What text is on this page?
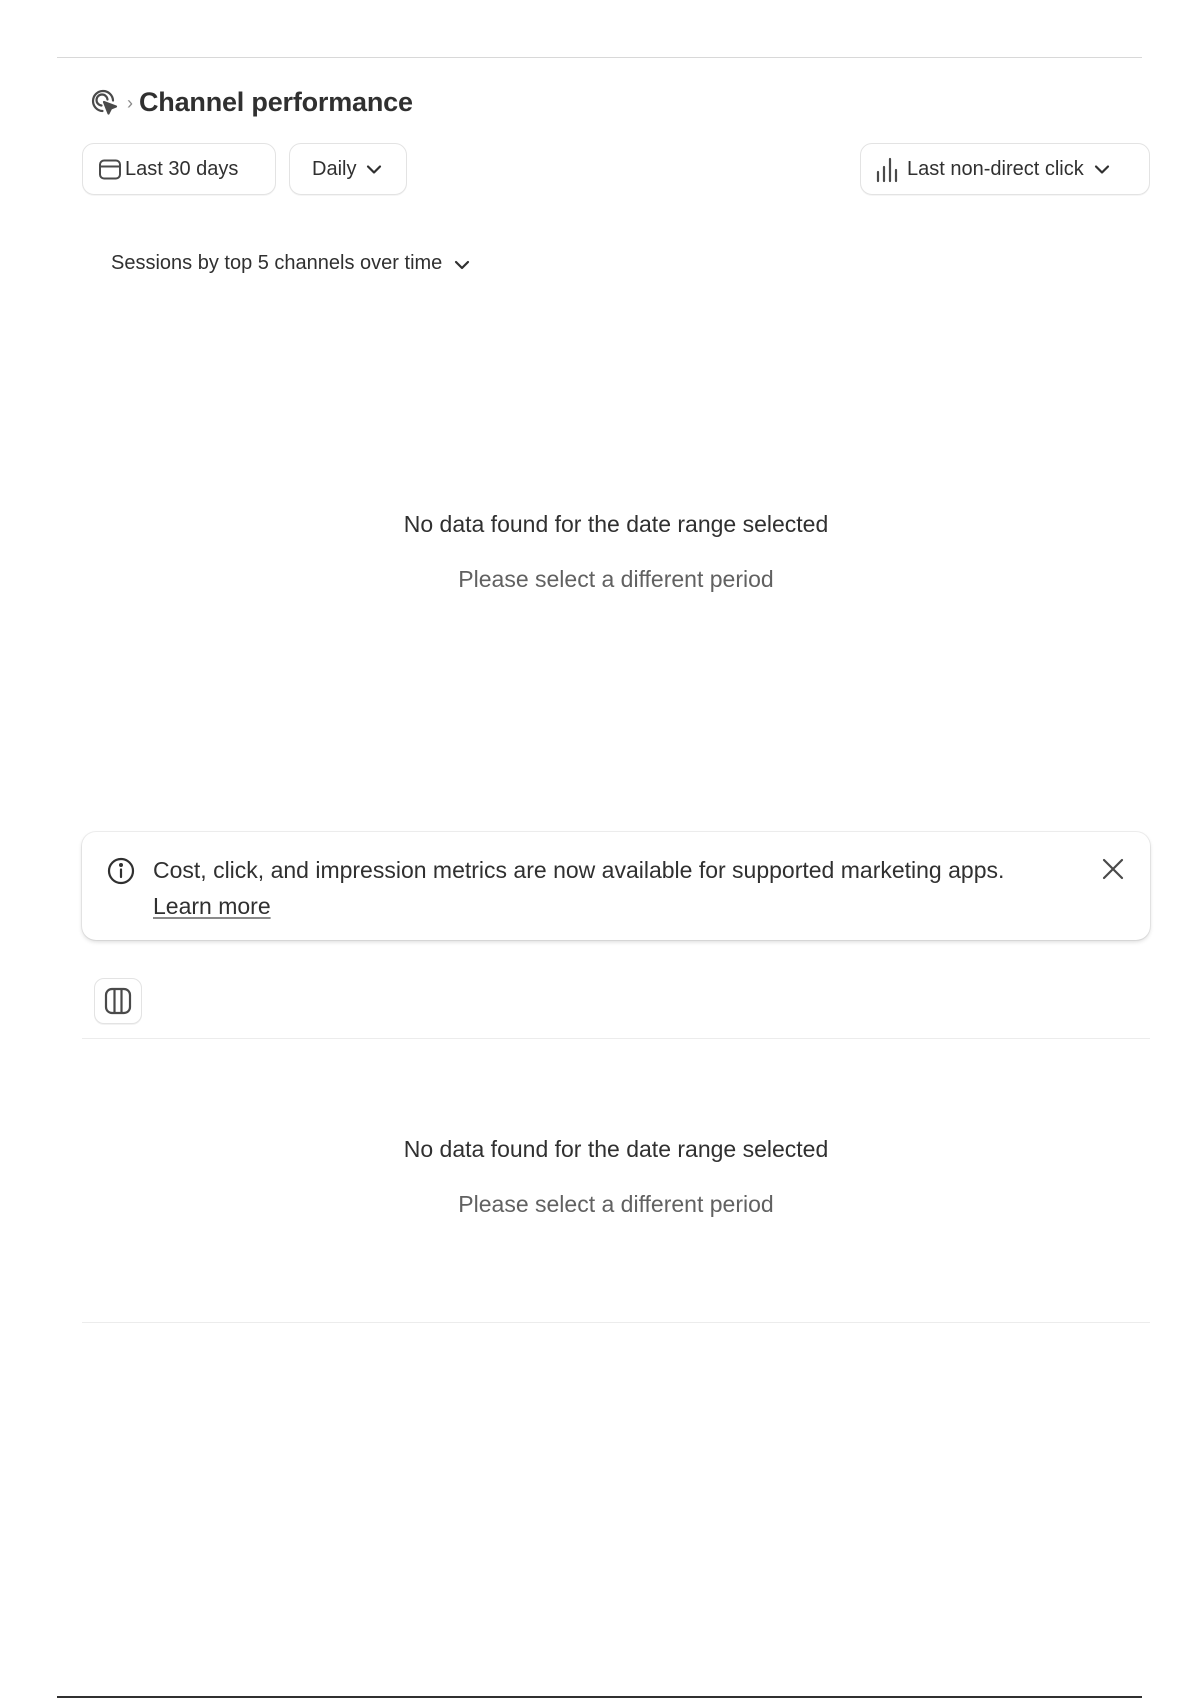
› Channel performance
Last 30 days	Daily	Last non-direct click
Sessions by top 5 channels over time
No data found for the date range selected
Please select a different period
Cost, click, and impression metrics are now available for supported marketing apps.
Learn more
No data found for the date range selected
Please select a different period
